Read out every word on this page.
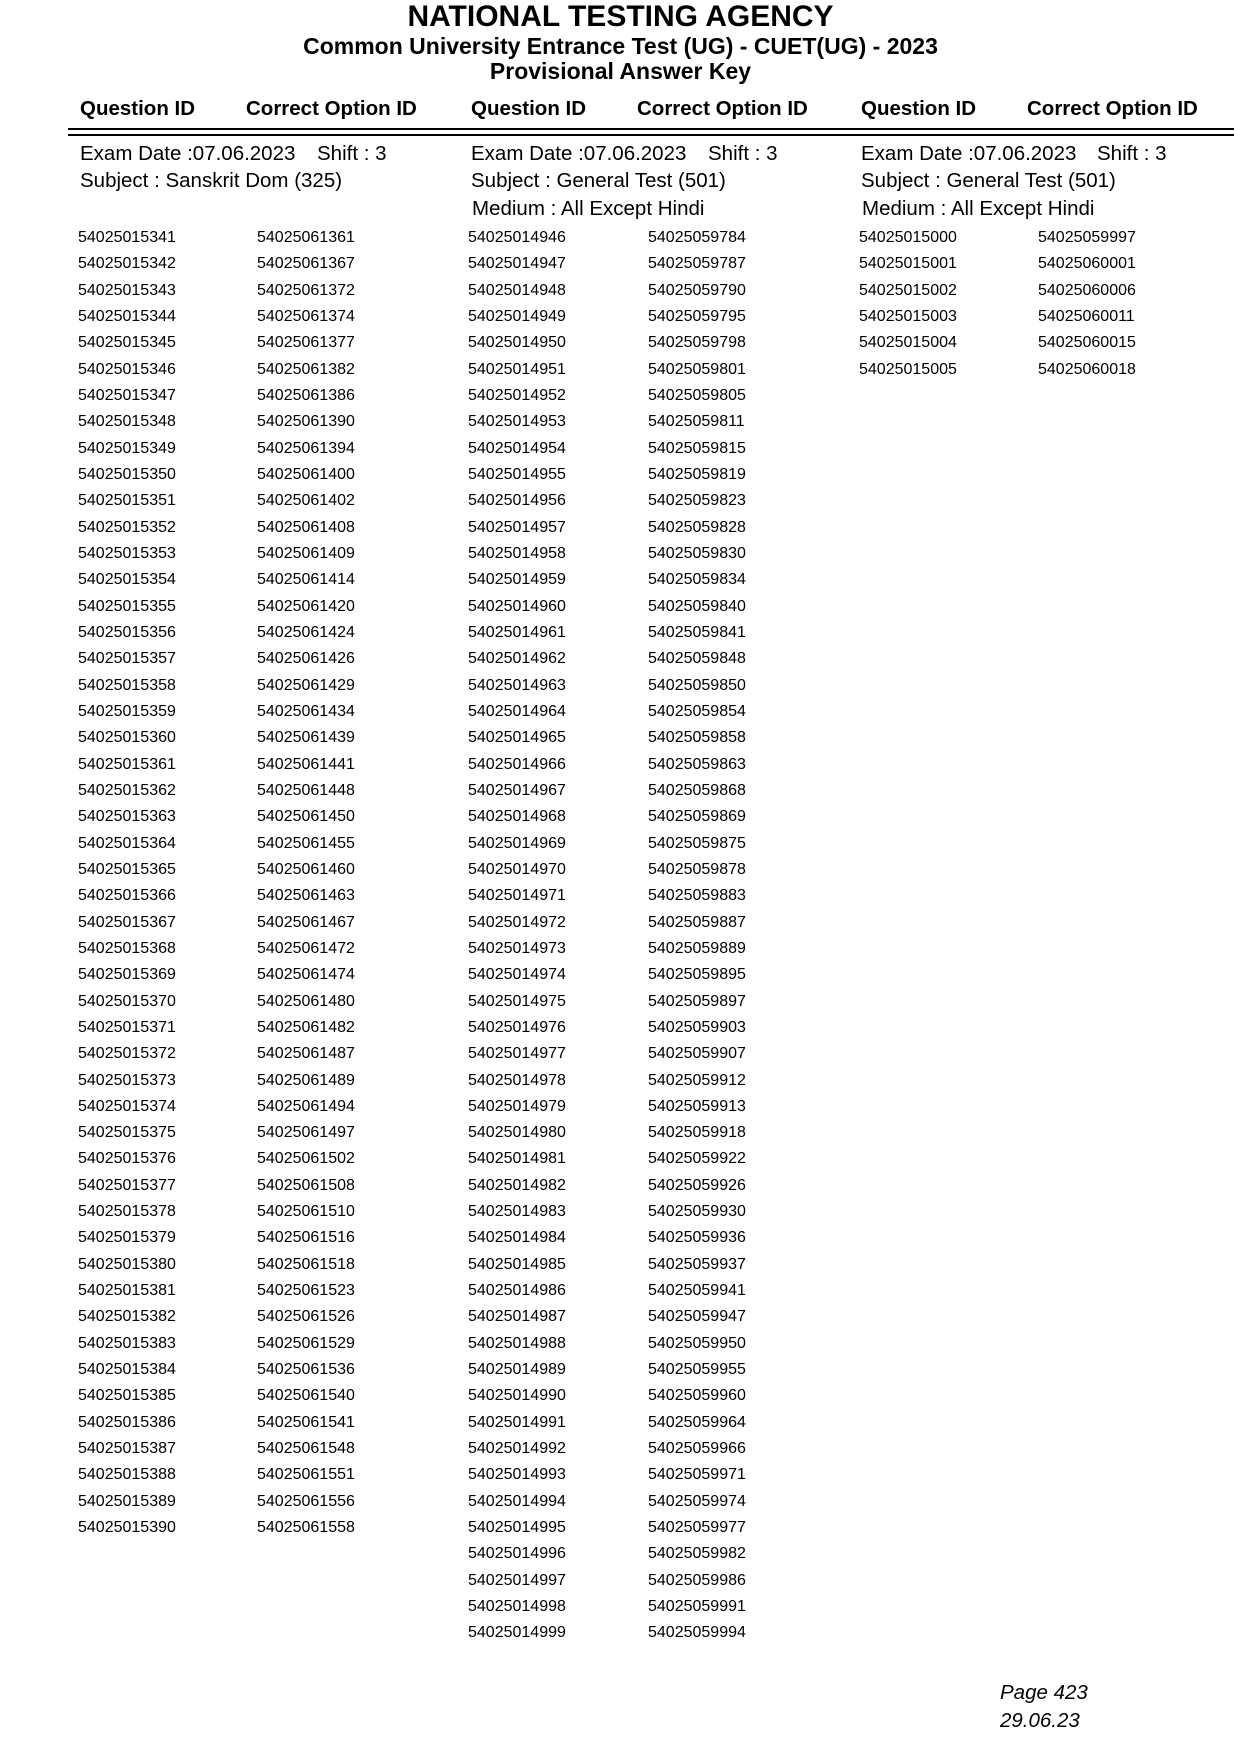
NATIONAL TESTING AGENCY
Common University Entrance Test (UG) - CUET(UG) - 2023
Provisional Answer Key
Question ID Correct Option ID	Question ID Correct Option ID	Question ID Correct Option ID
Exam Date :07.06.2023 Shift : 3
Subject : Sanskrit Dom (325)
Exam Date :07.06.2023 Shift : 3
Subject : General Test (501)
Medium : All Except Hindi
Exam Date :07.06.2023 Shift : 3
Subject : General Test (501)
Medium : All Except Hindi
54025015341
54025015342
54025015343
54025015344
54025015345
54025015346
54025015347
54025015348
54025015349
54025015350
54025015351
54025015352
54025015353
54025015354
54025015355
54025015356
54025015357
54025015358
54025015359
54025015360
54025015361
54025015362
54025015363
54025015364
54025015365
54025015366
54025015367
54025015368
54025015369
54025015370
54025015371
54025015372
54025015373
54025015374
54025015375
54025015376
54025015377
54025015378
54025015379
54025015380
54025015381
54025015382
54025015383
54025015384
54025015385
54025015386
54025015387
54025015388
54025015389
54025015390
54025061361
54025061367
54025061372
54025061374
54025061377
54025061382
54025061386
54025061390
54025061394
54025061400
54025061402
54025061408
54025061409
54025061414
54025061420
54025061424
54025061426
54025061429
54025061434
54025061439
54025061441
54025061448
54025061450
54025061455
54025061460
54025061463
54025061467
54025061472
54025061474
54025061480
54025061482
54025061487
54025061489
54025061494
54025061497
54025061502
54025061508
54025061510
54025061516
54025061518
54025061523
54025061526
54025061529
54025061536
54025061540
54025061541
54025061548
54025061551
54025061556
54025061558
54025014946
54025014947
54025014948
54025014949
54025014950
54025014951
54025014952
54025014953
54025014954
54025014955
54025014956
54025014957
54025014958
54025014959
54025014960
54025014961
54025014962
54025014963
54025014964
54025014965
54025014966
54025014967
54025014968
54025014969
54025014970
54025014971
54025014972
54025014973
54025014974
54025014975
54025014976
54025014977
54025014978
54025014979
54025014980
54025014981
54025014982
54025014983
54025014984
54025014985
54025014986
54025014987
54025014988
54025014989
54025014990
54025014991
54025014992
54025014993
54025014994
54025014995
54025014996
54025014997
54025014998
54025014999
54025059784
54025059787
54025059790
54025059795
54025059798
54025059801
54025059805
54025059811
54025059815
54025059819
54025059823
54025059828
54025059830
54025059834
54025059840
54025059841
54025059848
54025059850
54025059854
54025059858
54025059863
54025059868
54025059869
54025059875
54025059878
54025059883
54025059887
54025059889
54025059895
54025059897
54025059903
54025059907
54025059912
54025059913
54025059918
54025059922
54025059926
54025059930
54025059936
54025059937
54025059941
54025059947
54025059950
54025059955
54025059960
54025059964
54025059966
54025059971
54025059974
54025059977
54025059982
54025059986
54025059991
54025059994
54025015000
54025015001
54025015002
54025015003
54025015004
54025015005
54025059997
54025060001
54025060006
54025060011
54025060015
54025060018
Page 423
29.06.23
